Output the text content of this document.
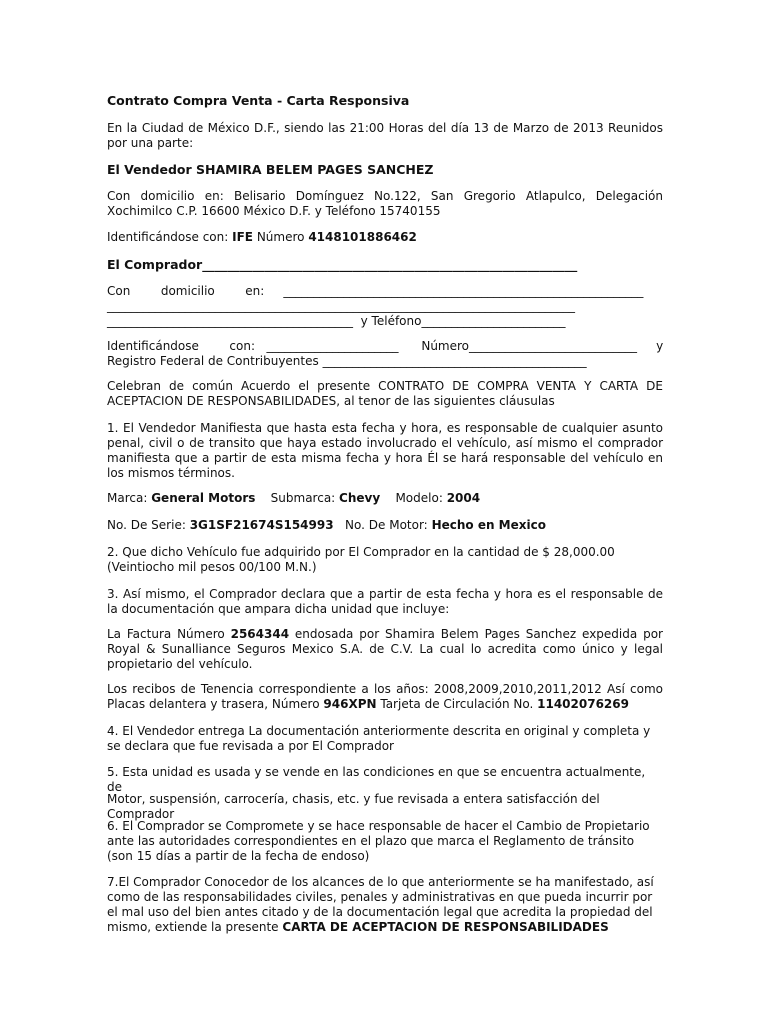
Contrato Compra Venta - Carta Responsiva

En la Ciudad de México D.F., siendo las 21:00 Horas del día 13 de Marzo de 2013 Reunidos por una parte:

El Vendedor SHAMIRA BELEM PAGES SANCHEZ

Con domicilio en: Belisario Domínguez No.122, San Gregorio Atlapulco, Delegación Xochimilco C.P. 16600 México D.F. y Teléfono 15740155

Identificándose con: IFE Número 4148101886462

El Comprador____________________________________________________________

Con        domicilio        en: ____________________________________________________________
______________________________________________________________________________
_________________________________________ y Teléfono________________________
Identificándose        con: ______________________ Número____________________________ y
Registro Federal de Contribuyentes ____________________________________________

Celebran de común Acuerdo el presente CONTRATO DE COMPRA VENTA Y CARTA DE ACEPTACION DE RESPONSABILIDADES, al tenor de las siguientes cláusulas

1. El Vendedor Manifiesta que hasta esta fecha y hora, es responsable de cualquier asunto penal, civil o de transito que haya estado involucrado el vehículo, así mismo el comprador manifiesta que a partir de esta misma fecha y hora Él se hará responsable del vehículo en los mismos términos.

Marca: General Motors Submarca: Chevy Modelo: 2004

No. De Serie: 3G1SF21674S154993 No. De Motor: Hecho en Mexico

2. Que dicho Vehículo fue adquirido por El Comprador en la cantidad de $ 28,000.00 (Veintiocho mil pesos 00/100 M.N.)

3. Así mismo, el Comprador declara que a partir de esta fecha y hora es el responsable de la documentación que ampara dicha unidad que incluye:

La Factura Número 2564344 endosada por Shamira Belem Pages Sanchez expedida por Royal & Sunalliance Seguros Mexico S.A. de C.V. La cual lo acredita como único y legal propietario del vehículo.

Los recibos de Tenencia correspondiente a los años: 2008,2009,2010,2011,2012 Así como Placas delantera y trasera, Número 946XPN Tarjeta de Circulación No. 11402076269

4. El Vendedor entrega La documentación anteriormente descrita en original y completa y se declara que fue revisada a por El Comprador

5. Esta unidad es usada y se vende en las condiciones en que se encuentra actualmente, de

Motor, suspensión, carrocería, chasis, etc. y fue revisada a entera satisfacción del Comprador

6. El Comprador se Compromete y se hace responsable de hacer el Cambio de Propietario ante las autoridades correspondientes en el plazo que marca el Reglamento de tránsito (son 15 días a partir de la fecha de endoso)

7.El Comprador Conocedor de los alcances de lo que anteriormente se ha manifestado, así como de las responsabilidades civiles, penales y administrativas en que pueda incurrir por el mal uso del bien antes citado y de la documentación legal que acredita la propiedad del mismo, extiende la presente CARTA DE ACEPTACION DE RESPONSABILIDADES
